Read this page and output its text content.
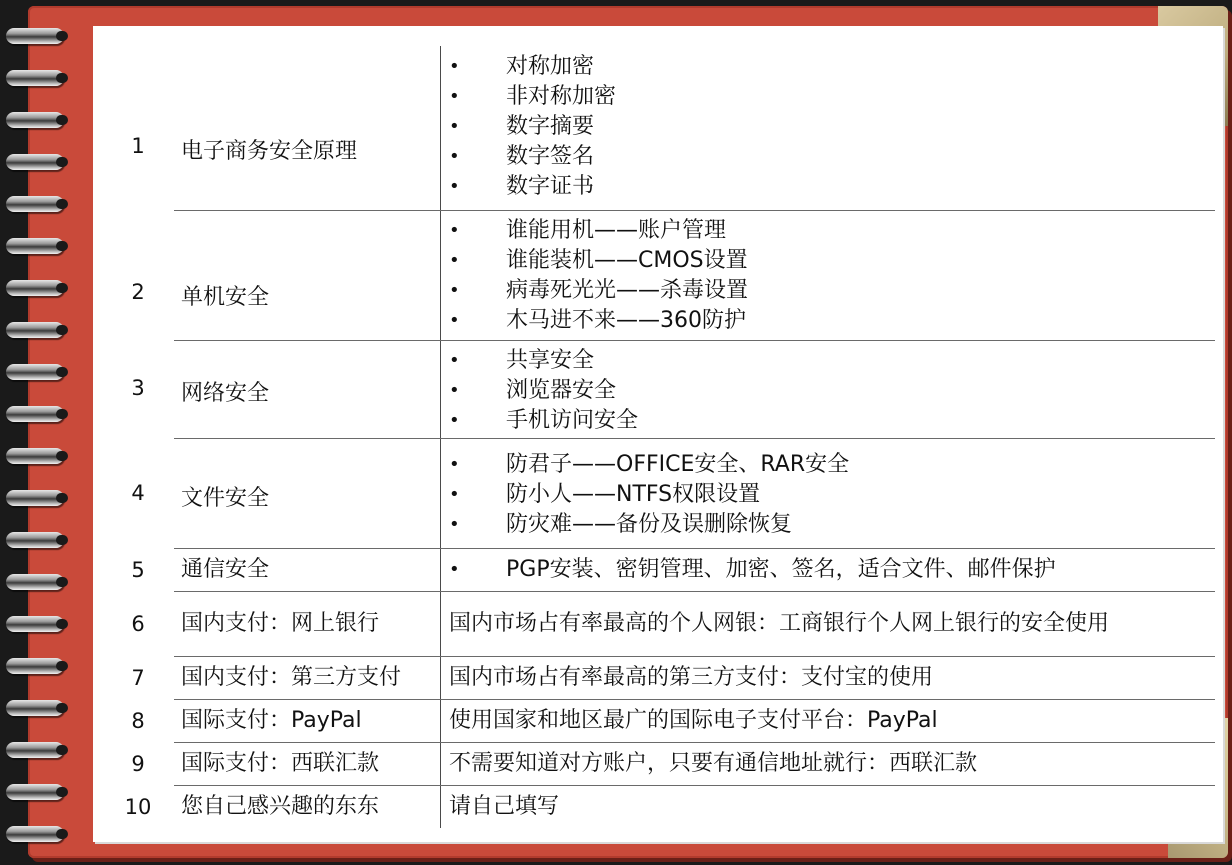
1	电子商务安全原理
• 对称加密
• 非对称加密
• 数字摘要
• 数字签名
• 数字证书
2	单机安全
• 谁能用机——账户管理
• 谁能装机——CMOS设置
• 病毒死光光——杀毒设置
• 木马进不来——360防护
3	网络安全
• 共享安全
• 浏览器安全
• 手机访问安全
4	文件安全
• 防君子——OFFICE安全、RAR安全
• 防小人——NTFS权限设置
• 防灾难——备份及误删除恢复
5	通信安全
•	PGP安装、密钥管理、加密、签名，适合文件、邮件保护
6	国内支付：网上银行	国内市场占有率最高的个人网银：工商银行个人网上银行的安全使用
7	国内支付：第三方支付 国内市场占有率最高的第三方支付：支付宝的使用
8	国际支付：PayPal	使用国家和地区最广的国际电子支付平台：PayPal
9	国际支付：西联汇款	不需要知道对方账户，只要有通信地址就行：西联汇款
10	您自己感兴趣的东东	请自己填写
